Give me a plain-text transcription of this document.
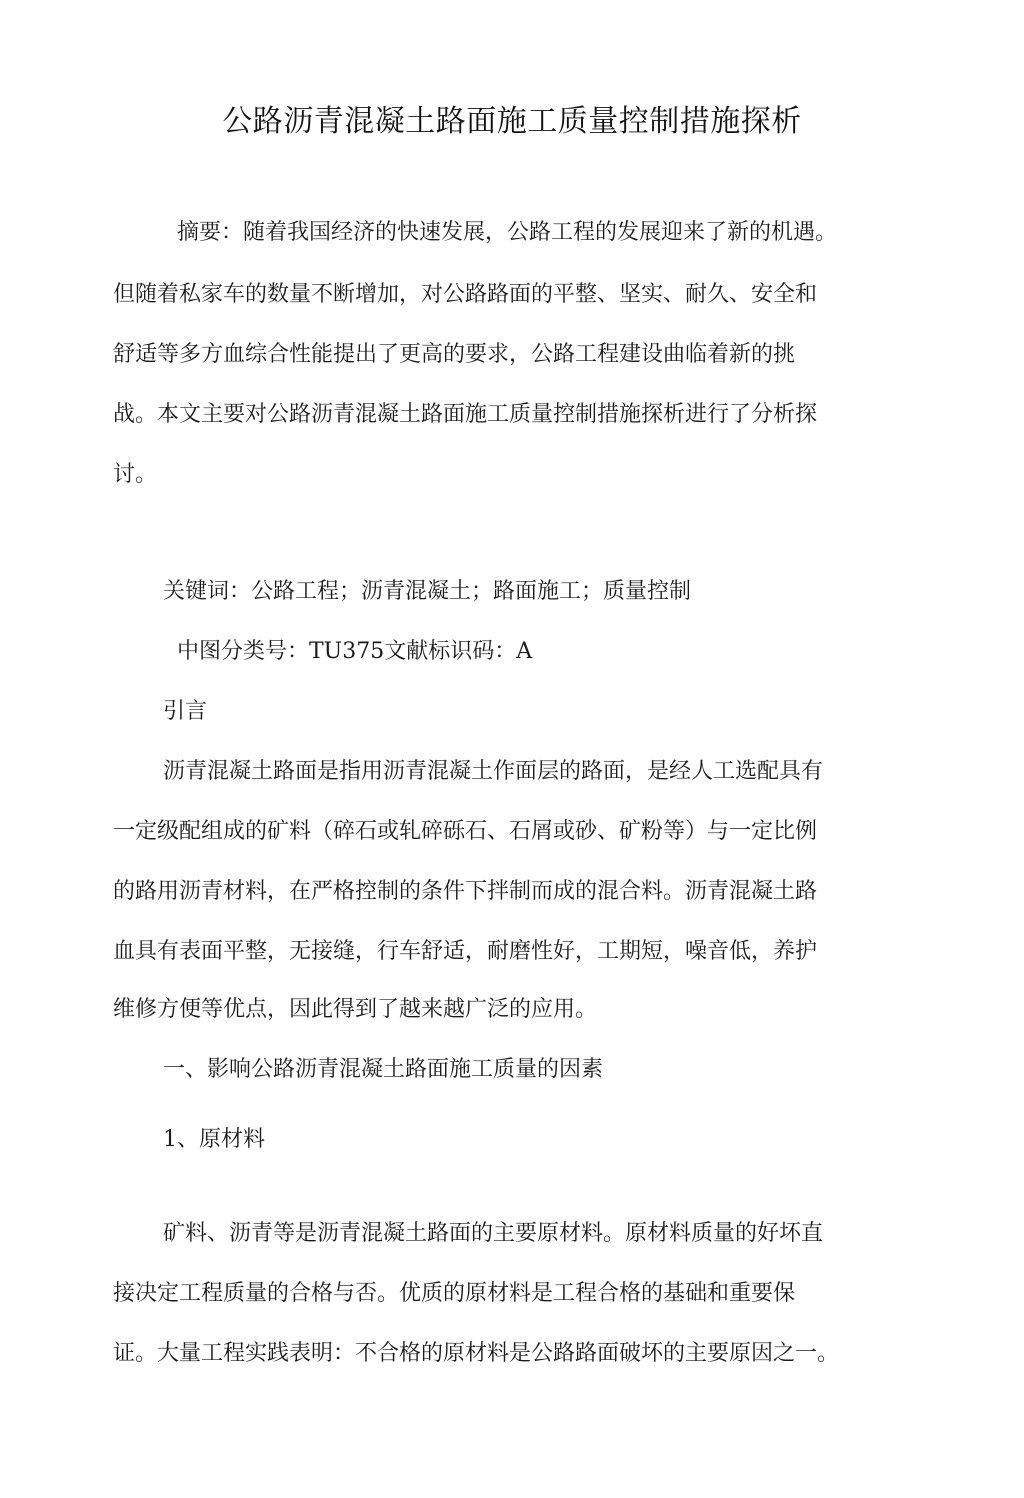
公路沥青混凝土路面施工质量控制措施探析

摘要：随着我国经济的快速发展，公路工程的发展迎来了新的机遇。

但随着私家车的数量不断增加，对公路路面的平整、坚实、耐久、安全和

舒适等多方血综合性能提出了更高的要求，公路工程建设曲临着新的挑

战。本文主要对公路沥青混凝土路面施工质量控制措施探析进行了分析探

讨。

关键词：公路工程；沥青混凝土；路面施工；质量控制

中图分类号：TU375文献标识码：A

引言

沥青混凝土路面是指用沥青混凝土作面层的路面，是经人工选配具有

一定级配组成的矿料（碎石或轧碎砾石、石屑或砂、矿粉等）与一定比例

的路用沥青材料，在严格控制的条件下拌制而成的混合料。沥青混凝土路

血具有表面平整，无接缝，行车舒适，耐磨性好，工期短，噪音低，养护

维修方便等优点，因此得到了越来越广泛的应用。

一、影响公路沥青混凝土路面施工质量的因素

1、原材料

矿料、沥青等是沥青混凝土路面的主要原材料。原材料质量的好坏直

接决定工程质量的合格与否。优质的原材料是工程合格的基础和重要保

证。大量工程实践表明：不合格的原材料是公路路面破坏的主要原因之一。
